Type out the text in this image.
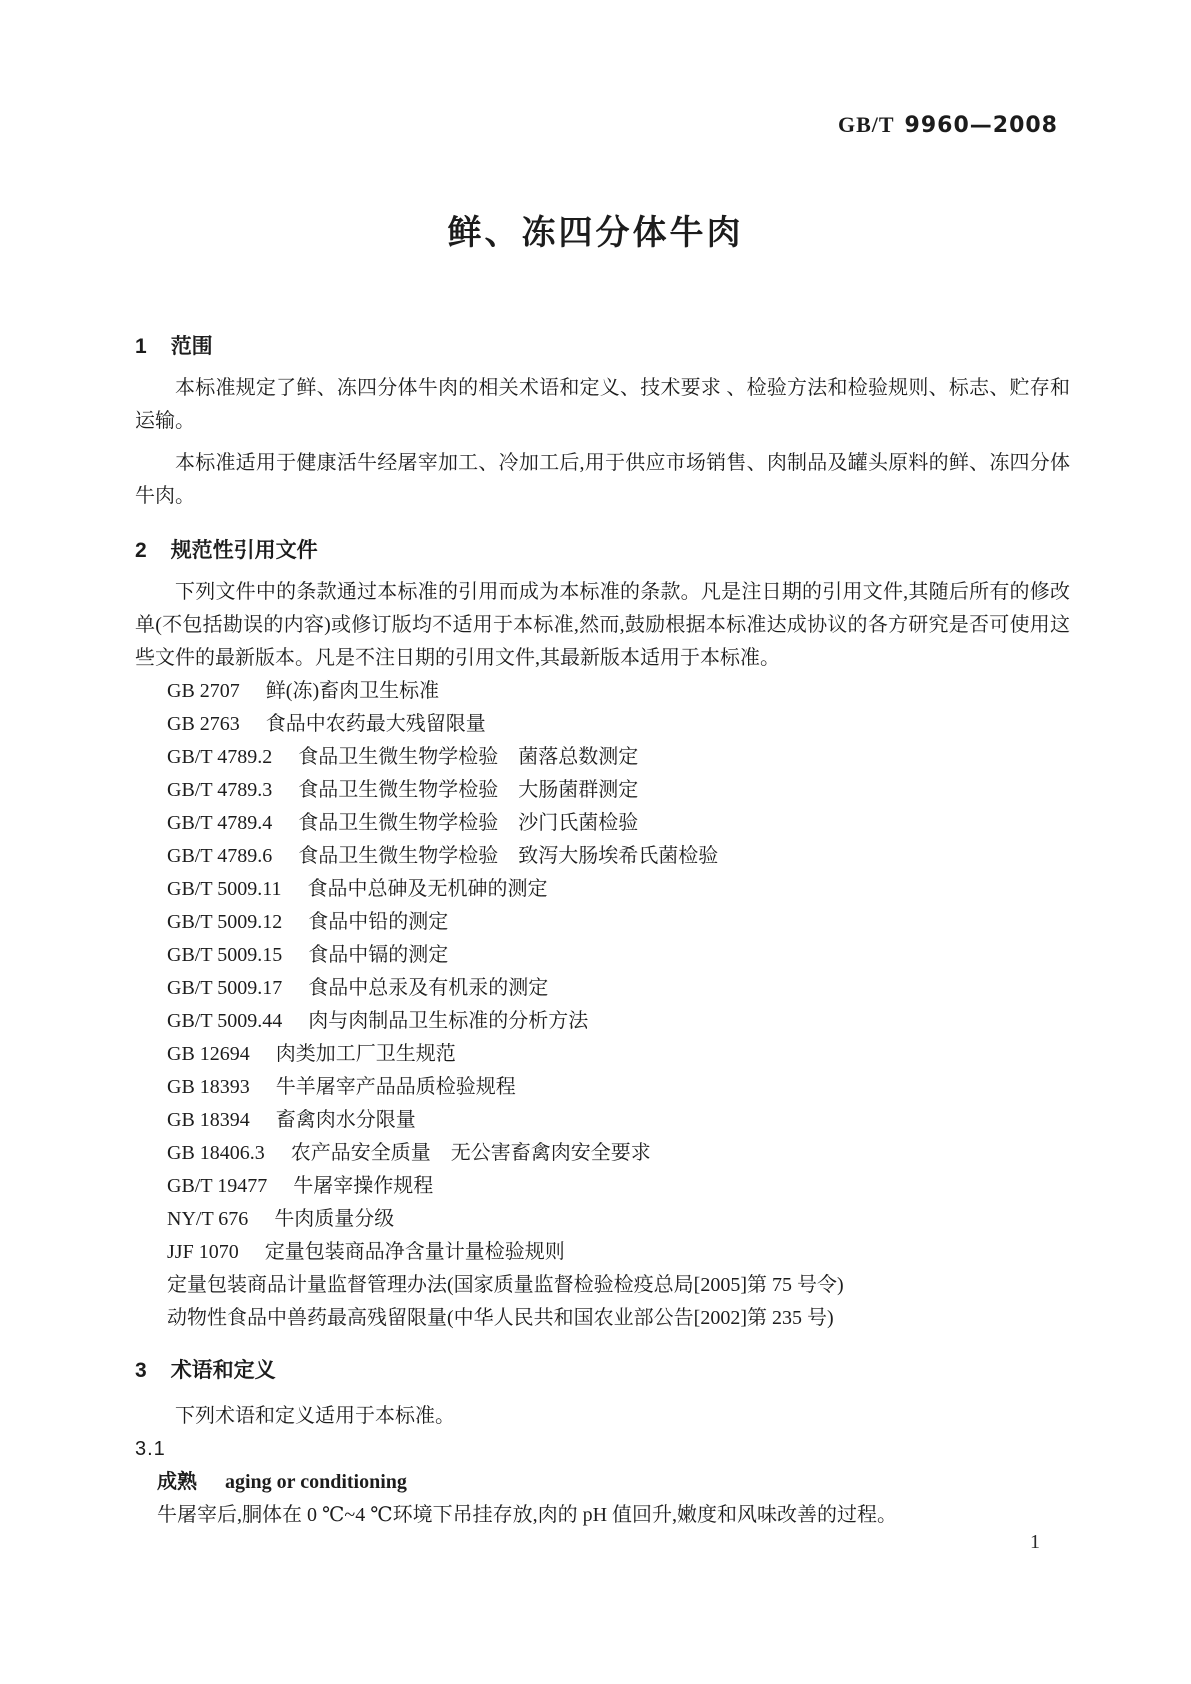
GB/T 9960—2008
鲜、冻四分体牛肉
1 范围

本标准规定了鲜、冻四分体牛肉的相关术语和定义、技术要求 、检验方法和检验规则、标志、贮存和运输。

本标准适用于健康活牛经屠宰加工、冷加工后,用于供应市场销售、肉制品及罐头原料的鲜、冻四分体牛肉。

2 规范性引用文件

下列文件中的条款通过本标准的引用而成为本标准的条款。凡是注日期的引用文件,其随后所有的修改单(不包括勘误的内容)或修订版均不适用于本标准,然而,鼓励根据本标准达成协议的各方研究是否可使用这些文件的最新版本。凡是不注日期的引用文件,其最新版本适用于本标准。

GB 2707 鲜(冻)畜肉卫生标准
GB 2763 食品中农药最大残留限量
GB/T 4789.2 食品卫生微生物学检验　菌落总数测定
GB/T 4789.3 食品卫生微生物学检验　大肠菌群测定
GB/T 4789.4 食品卫生微生物学检验　沙门氏菌检验
GB/T 4789.6 食品卫生微生物学检验　致泻大肠埃希氏菌检验
GB/T 5009.11 食品中总砷及无机砷的测定
GB/T 5009.12 食品中铅的测定
GB/T 5009.15 食品中镉的测定
GB/T 5009.17 食品中总汞及有机汞的测定
GB/T 5009.44 肉与肉制品卫生标准的分析方法
GB 12694 肉类加工厂卫生规范
GB 18393 牛羊屠宰产品品质检验规程
GB 18394 畜禽肉水分限量
GB 18406.3 农产品安全质量　无公害畜禽肉安全要求
GB/T 19477 牛屠宰操作规程
NY/T 676 牛肉质量分级
JJF 1070 定量包装商品净含量计量检验规则
定量包装商品计量监督管理办法(国家质量监督检验检疫总局[2005]第 75 号令)
动物性食品中兽药最高残留限量(中华人民共和国农业部公告[2002]第 235 号)
3 术语和定义

下列术语和定义适用于本标准。

3.1
成熟 aging or conditioning
牛屠宰后,胴体在 0 ℃~4 ℃环境下吊挂存放,肉的 pH 值回升,嫩度和风味改善的过程。
1
